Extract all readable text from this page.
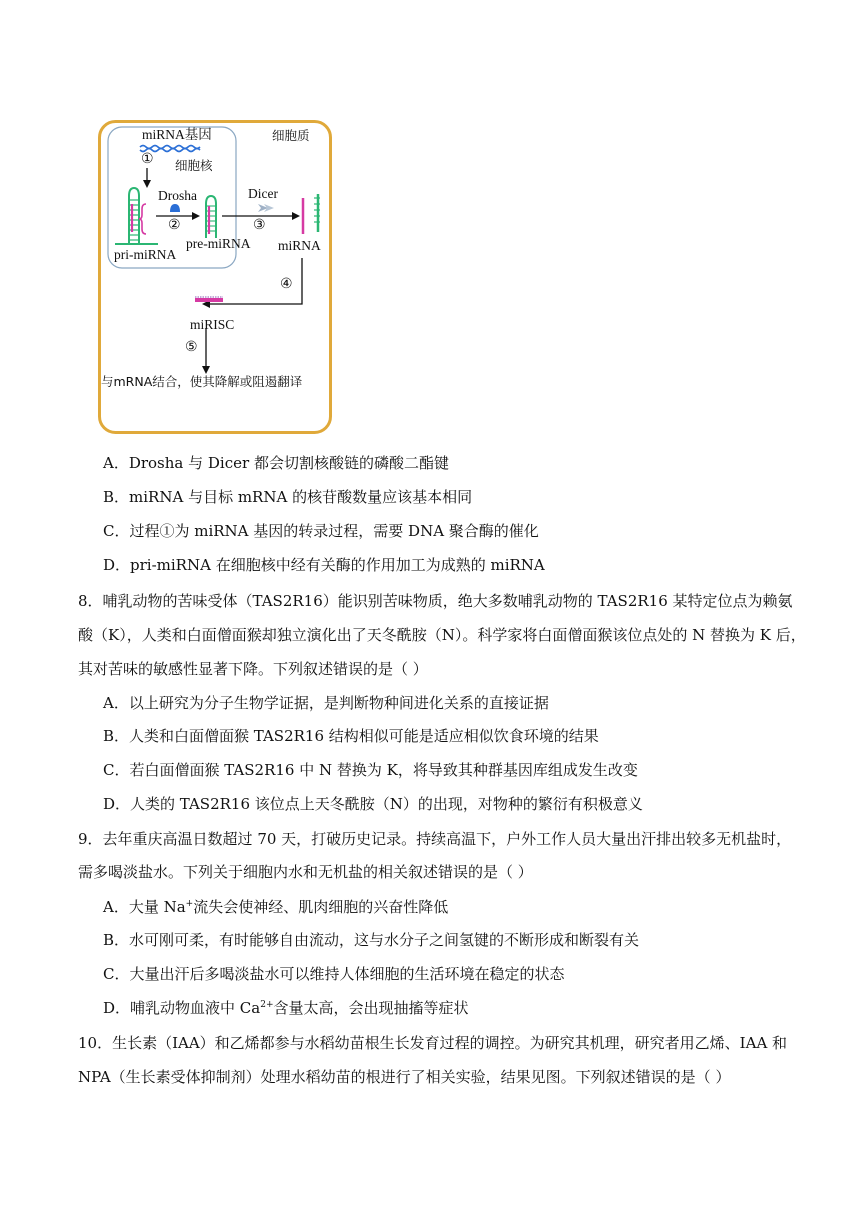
miRNA基因	细胞质
① 细胞核
Drosha	Dicer
②	③
pre-miRNA miRNA
pri-miRNA
④
miRISC
⑤
与mRNA结合，使其降解或阻遏翻译
A．Drosha 与 Dicer 都会切割核酸链的磷酸二酯键
B．miRNA 与目标 mRNA 的核苷酸数量应该基本相同
C．过程①为 miRNA 基因的转录过程，需要 DNA 聚合酶的催化
D．pri-miRNA 在细胞核中经有关酶的作用加工为成熟的 miRNA
8．哺乳动物的苦味受体（TAS2R16）能识别苦味物质，绝大多数哺乳动物的 TAS2R16 某特定位点为赖氨
酸（K），人类和白面僧面猴却独立演化出了天冬酰胺（N）。科学家将白面僧面猴该位点处的 N 替换为 K 后，
其对苦味的敏感性显著下降。下列叙述错误的是（ ）
A．以上研究为分子生物学证据，是判断物种间进化关系的直接证据
B．人类和白面僧面猴 TAS2R16 结构相似可能是适应相似饮食环境的结果
C．若白面僧面猴 TAS2R16 中 N 替换为 K，将导致其种群基因库组成发生改变
D．人类的 TAS2R16 该位点上天冬酰胺（N）的出现，对物种的繁衍有积极意义
9．去年重庆高温日数超过 70 天，打破历史记录。持续高温下，户外工作人员大量出汗排出较多无机盐时，
需多喝淡盐水。下列关于细胞内水和无机盐的相关叙述错误的是（ ）
A．大量 Na+流失会使神经、肌肉细胞的兴奋性降低
B．水可刚可柔，有时能够自由流动，这与水分子之间氢键的不断形成和断裂有关
C．大量出汗后多喝淡盐水可以维持人体细胞的生活环境在稳定的状态
D．哺乳动物血液中 $Ca^{2+}$含量太高，会出现抽搐等症状
10．生长素（IAA）和乙烯都参与水稻幼苗根生长发育过程的调控。为研究其机理，研究者用乙烯、IAA 和
NPA（生长素受体抑制剂）处理水稻幼苗的根进行了相关实验，结果见图。下列叙述错误的是（ ）
